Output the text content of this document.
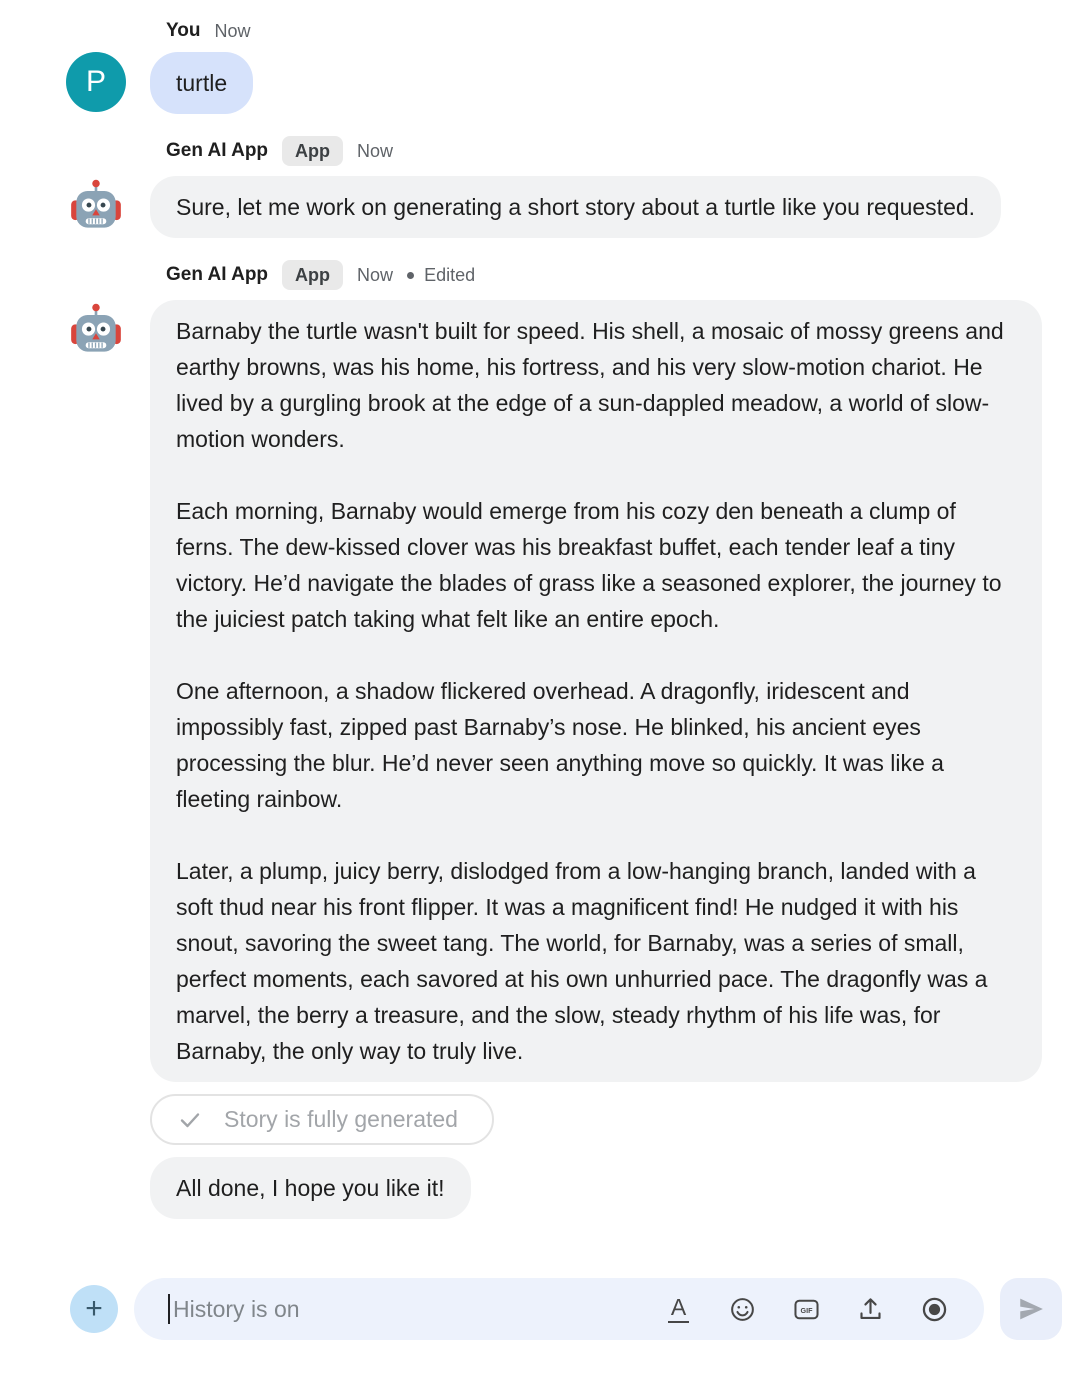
You Now
P	turtle
Gen AI App	App	Now
Sure, let me work on generating a short story about a turtle like you requested.
Gen AI App	App	Now Edited

Barnaby the turtle wasn't built for speed. His shell, a mosaic of mossy greens and earthy browns, was his home, his fortress, and his very slow-motion chariot. He lived by a gurgling brook at the edge of a sun-dappled meadow, a world of slow-motion wonders.

Each morning, Barnaby would emerge from his cozy den beneath a clump of ferns. The dew-kissed clover was his breakfast buffet, each tender leaf a tiny victory. He’d navigate the blades of grass like a seasoned explorer, the journey to the juiciest patch taking what felt like an entire epoch.

One afternoon, a shadow flickered overhead. A dragonfly, iridescent and impossibly fast, zipped past Barnaby’s nose. He blinked, his ancient eyes processing the blur. He’d never seen anything move so quickly. It was like a fleeting rainbow.

Later, a plump, juicy berry, dislodged from a low-hanging branch, landed with a soft thud near his front flipper. It was a magnificent find! He nudged it with his snout, savoring the sweet tang. The world, for Barnaby, was a series of small, perfect moments, each savored at his own unhurried pace. The dragonfly was a marvel, the berry a treasure, and the slow, steady rhythm of his life was, for Barnaby, the only way to truly live.

Story is fully generated
All done, I hope you like it!
+	History is on	A	GIF
